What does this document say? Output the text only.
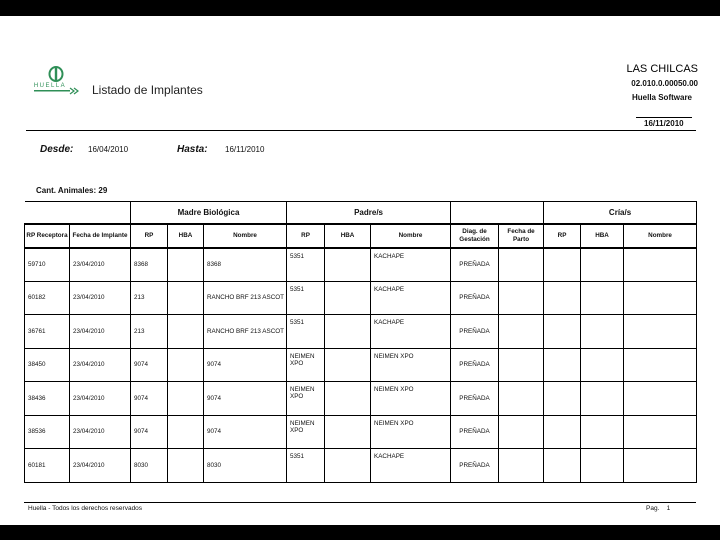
HUELLA Listado de Implantes
LAS CHILCAS
02.010.0.00050.00
Huella Software
16/11/2010
Desde: 16/04/2010	Hasta: 16/11/2010
Cant. Animales: 29
		Madre Biológica			Padre/s					Cría/s		
RP Receptora	Fecha de Implante	RP	HBA	Nombre	RP	HBA	Nombre	Diag. de Gestación	Fecha de Parto	RP	HBA	Nombre
59710	23/04/2010	8368		8368	5351		KACHAPE	PREÑADA				
60182	23/04/2010	213		RANCHO BRF 213 ASCOT	5351		KACHAPE	PREÑADA				
36761	23/04/2010	213		RANCHO BRF 213 ASCOT	5351		KACHAPE	PREÑADA				
38450	23/04/2010	9074		9074	NEIMEN XPO		NEIMEN XPO	PREÑADA				
38436	23/04/2010	9074		9074	NEIMEN XPO		NEIMEN XPO	PREÑADA				
38536	23/04/2010	9074		9074	NEIMEN XPO		NEIMEN XPO	PREÑADA				
60181	23/04/2010	8030		8030	5351		KACHAPE	PREÑADA				
Huella - Todos los derechos reservados	Pag. 1
